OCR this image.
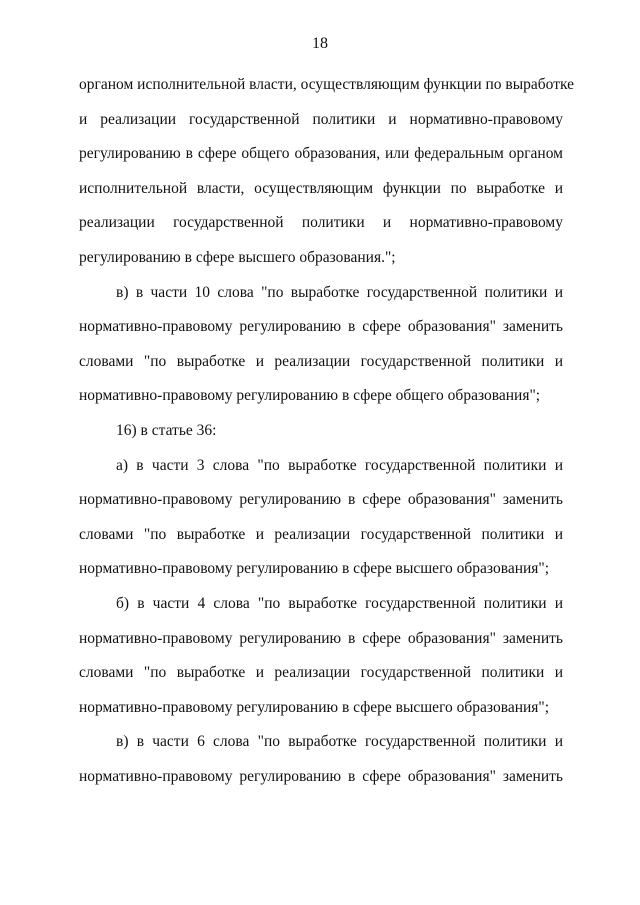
18
органом исполнительной власти, осуществляющим функции по выработке
и реализации государственной политики и нормативно-правовому
регулированию в сфере общего образования, или федеральным органом
исполнительной власти, осуществляющим функции по выработке и
реализации государственной политики и нормативно-правовому
регулированию в сфере высшего образования.";
в) в части 10 слова "по выработке государственной политики и
нормативно-правовому регулированию в сфере образования" заменить
словами "по выработке и реализации государственной политики и
нормативно-правовому регулированию в сфере общего образования";
16) в статье 36:
а) в части 3 слова "по выработке государственной политики и
нормативно-правовому регулированию в сфере образования" заменить
словами "по выработке и реализации государственной политики и
нормативно-правовому регулированию в сфере высшего образования";
б) в части 4 слова "по выработке государственной политики и
нормативно-правовому регулированию в сфере образования" заменить
словами "по выработке и реализации государственной политики и
нормативно-правовому регулированию в сфере высшего образования";
в) в части 6 слова "по выработке государственной политики и
нормативно-правовому регулированию в сфере образования" заменить
